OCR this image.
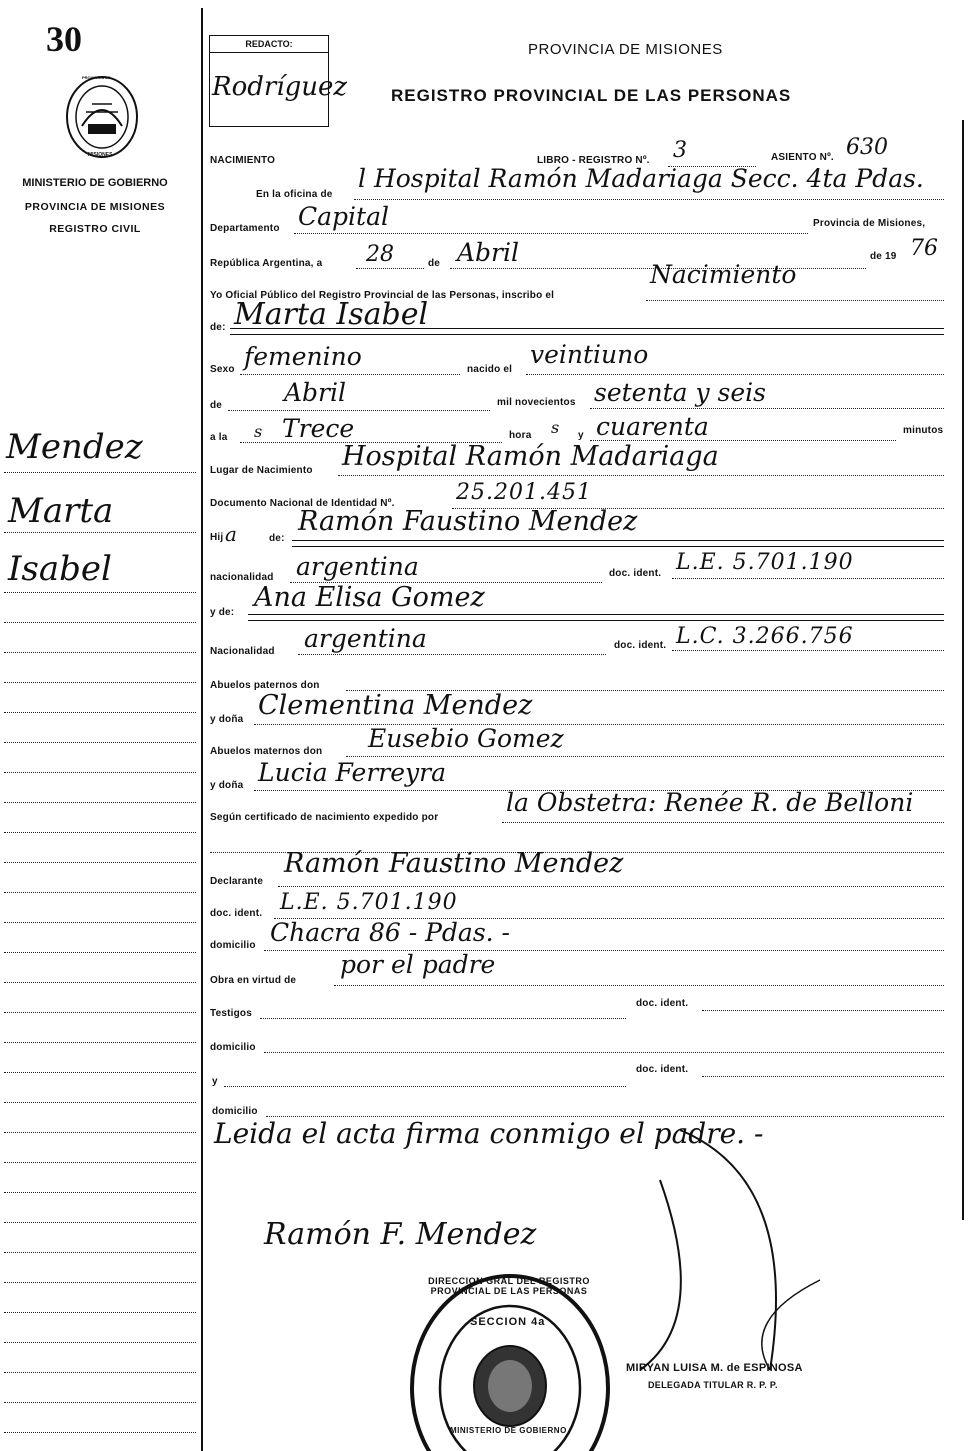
30
PROVINCIA DE
MISIONES
MINISTERIO DE GOBIERNO
PROVINCIA DE MISIONES
REGISTRO CIVIL
Mendez
Marta
Isabel
REDACTO:
Rodríguez
PROVINCIA DE MISIONES
REGISTRO PROVINCIAL DE LAS PERSONAS
NACIMIENTO	LIBRO - REGISTRO Nº. 3	ASIENTO Nº. 630
En la oficina de
l Hospital Ramón Madariaga Secc. 4ta Pdas.
Departamento Capital	Provincia de Misiones,
República Argentina, a 28	de Abril	de 19 76
Yo Oficial Público del Registro Provincial de las Personas, inscribo el
Nacimiento
de: Marta Isabel
Sexo femenino	nacido el
veintiuno
de Abril	mil novecientos setenta y seis
a la s Trece	hora s y cuarenta	minutos
Lugar de Nacimiento Hospital Ramón Madariaga
Documento Nacional de Identidad Nº.	25.201.451
Hij a	de:
Ramón Faustino Mendez
nacionalidad argentina	doc. ident. L.E. 5.701.190
y de: Ana Elisa Gomez
Nacionalidad argentina	doc. ident. L.C. 3.266.756
Abuelos paternos don
y doña Clementina Mendez
Abuelos maternos don Eusebio Gomez
y doña Lucia Ferreyra
Según certificado de nacimiento expedido por
la Obstetra: Renée R. de Belloni
Declarante
Ramón Faustino Mendez
doc. ident. L.E. 5.701.190
domicilio Chacra 86 - Pdas. -
Obra en virtud de
por el padre
Testigos
doc. ident.
domicilio
y
doc. ident.
domicilio
Leida el acta firma conmigo el padre. -
Ramón F. Mendez
DIRECCION GRAL DEL REGISTRO PROVINCIAL DE LAS PERSONAS
SECCION 4a
MINISTERIO DE GOBIERNO
MIRYAN LUISA M. de ESPINOSA
DELEGADA TITULAR R. P. P.
